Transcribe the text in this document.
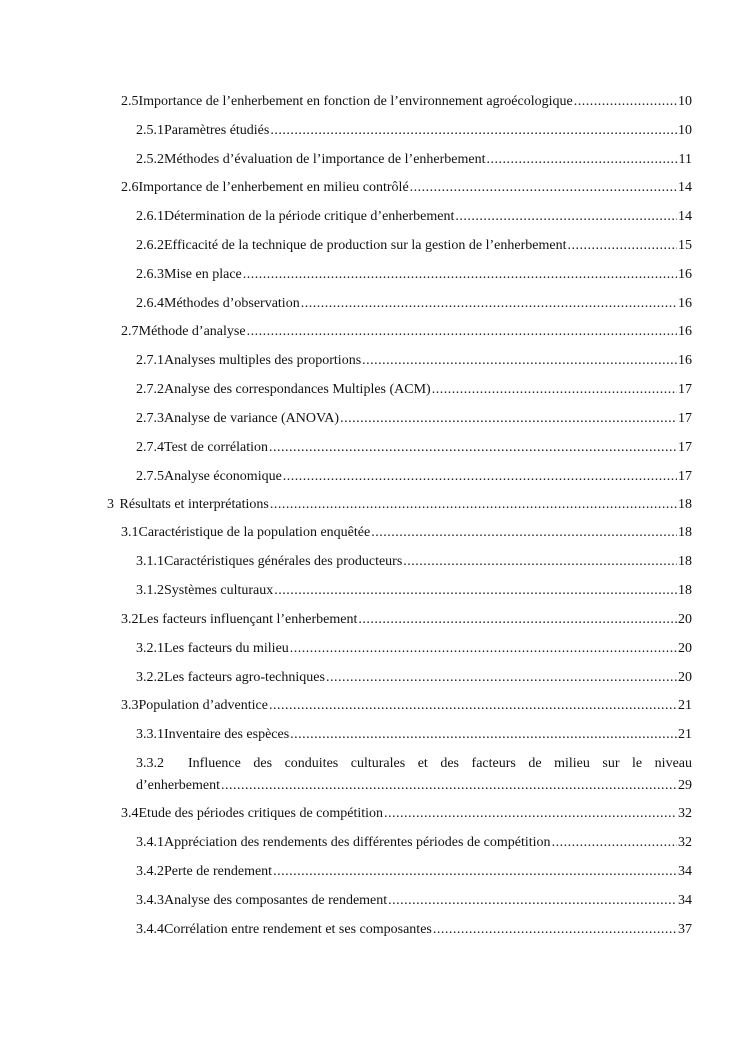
2.5 Importance de l’enherbement en fonction de l’environnement agroécologique .....	10
2.5.1 Paramètres étudiés .....	10
2.5.2 Méthodes d’évaluation de l’importance de l’enherbement .....	11
2.6 Importance de l’enherbement en milieu contrôlé .....	14
2.6.1 Détermination de la période critique d’enherbement .....	14
2.6.2 Efficacité de la technique de production sur la gestion de l’enherbement .....	15
2.6.3 Mise en place .....	16
2.6.4 Méthodes d’observation .....	16
2.7 Méthode d’analyse .....	16
2.7.1 Analyses multiples des proportions .....	16
2.7.2 Analyse des correspondances Multiples (ACM) .....	17
2.7.3 Analyse de variance (ANOVA) .....	17
2.7.4 Test de corrélation .....	17
2.7.5 Analyse économique .....	17
3 Résultats et interprétations .....	18
3.1 Caractéristique de la population enquêtée .....	18
3.1.1 Caractéristiques générales des producteurs .....	18
3.1.2 Systèmes culturaux .....	18
3.2 Les facteurs influençant l’enherbement .....	20
3.2.1 Les facteurs du milieu .....	20
3.2.2 Les facteurs agro-techniques .....	20
3.3 Population d’adventice .....	21
3.3.1 Inventaire des espèces .....	21
3.3.2	Influence des conduites culturales et des facteurs de milieu sur le niveau
d’enherbement .....	29
3.4 Etude des périodes critiques de compétition .....	32
3.4.1 Appréciation des rendements des différentes périodes de compétition .....	32
3.4.2 Perte de rendement .....	34
3.4.3 Analyse des composantes de rendement .....	34
3.4.4 Corrélation entre rendement et ses composantes .....	37
